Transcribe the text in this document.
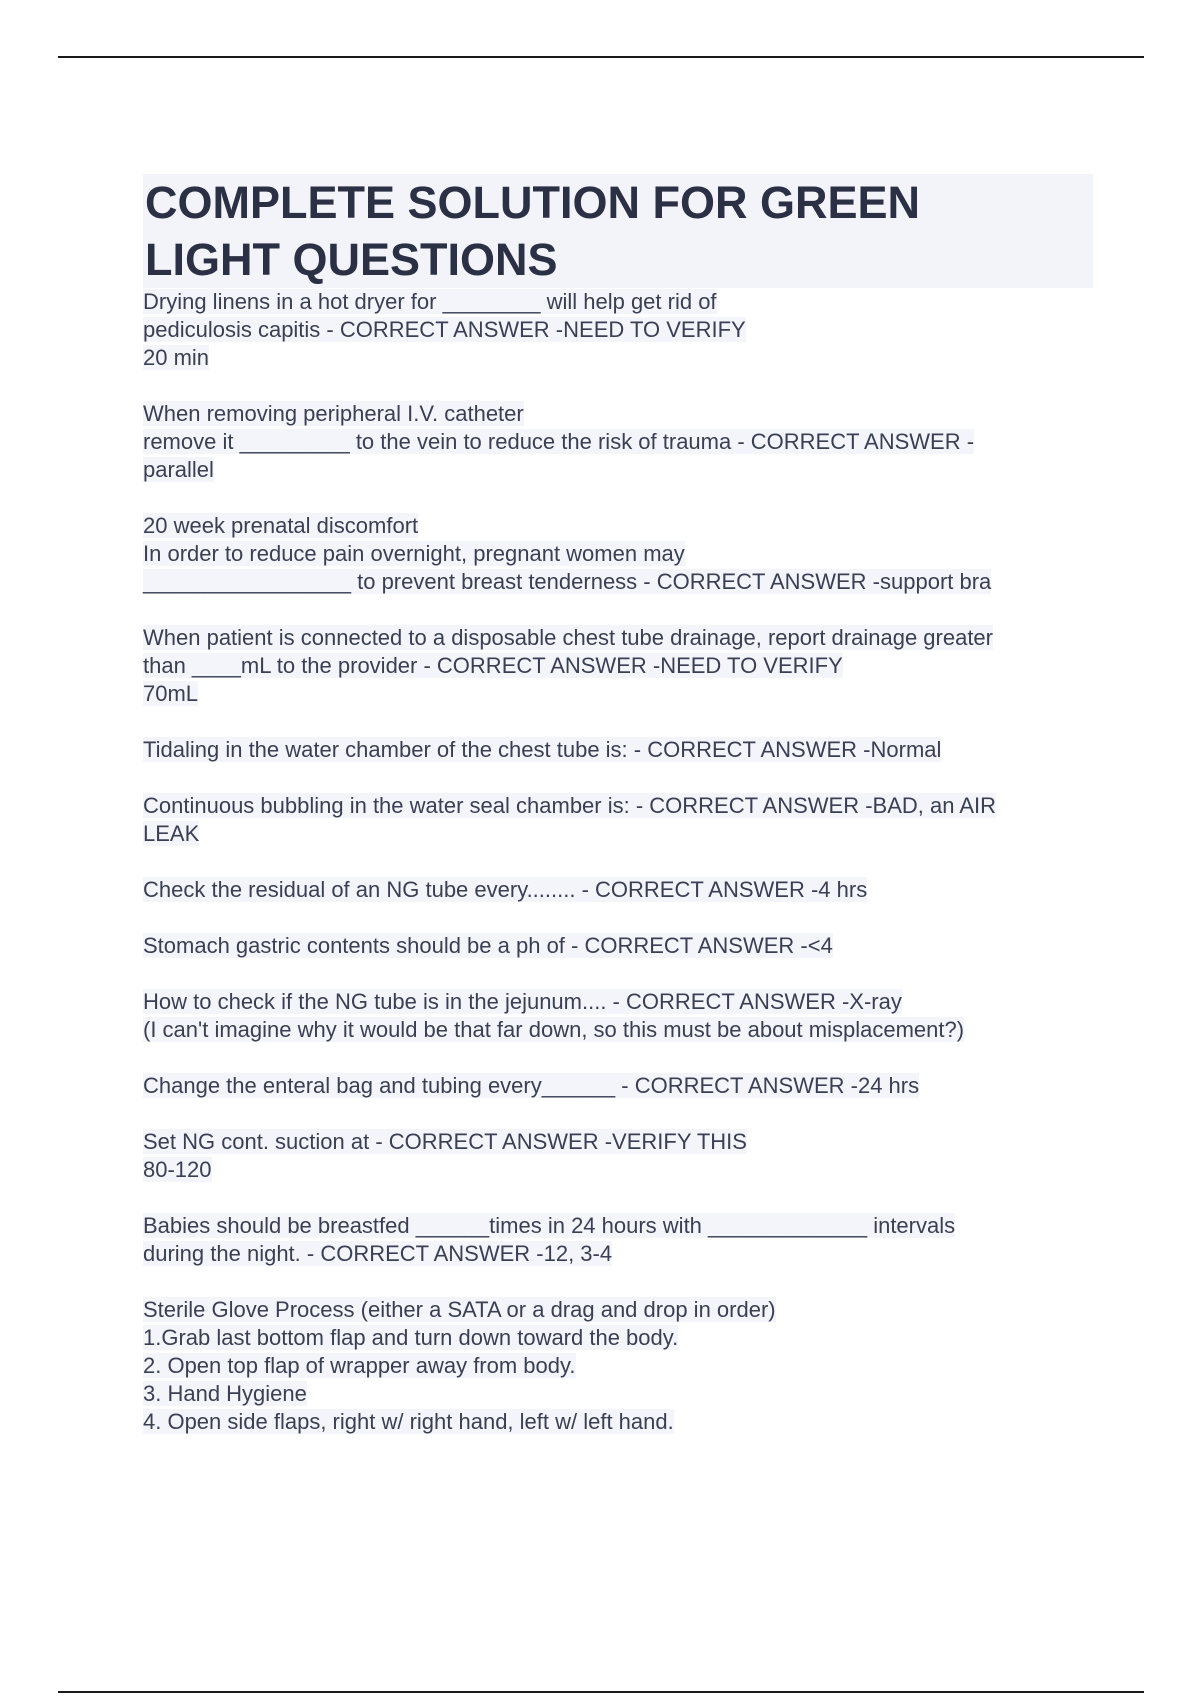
COMPLETE SOLUTION FOR GREEN
LIGHT QUESTIONS
Drying linens in a hot dryer for ________ will help get rid of
pediculosis capitis - CORRECT ANSWER -NEED TO VERIFY
20 min
When removing peripheral I.V. catheter
remove it _________ to the vein to reduce the risk of trauma - CORRECT ANSWER -
parallel
20 week prenatal discomfort
In order to reduce pain overnight, pregnant women may
_________________ to prevent breast tenderness - CORRECT ANSWER -support bra
When patient is connected to a disposable chest tube drainage, report drainage greater
than ____mL to the provider - CORRECT ANSWER -NEED TO VERIFY
70mL
Tidaling in the water chamber of the chest tube is: - CORRECT ANSWER -Normal
Continuous bubbling in the water seal chamber is: - CORRECT ANSWER -BAD, an AIR
LEAK
Check the residual of an NG tube every........ - CORRECT ANSWER -4 hrs
Stomach gastric contents should be a ph of - CORRECT ANSWER -<4
How to check if the NG tube is in the jejunum.... - CORRECT ANSWER -X-ray
(I can't imagine why it would be that far down, so this must be about misplacement?)
Change the enteral bag and tubing every______ - CORRECT ANSWER -24 hrs
Set NG cont. suction at - CORRECT ANSWER -VERIFY THIS
80-120
Babies should be breastfed ______times in 24 hours with _____________ intervals
during the night. - CORRECT ANSWER -12, 3-4
Sterile Glove Process (either a SATA or a drag and drop in order)
1.Grab last bottom flap and turn down toward the body.
2. Open top flap of wrapper away from body.
3. Hand Hygiene
4. Open side flaps, right w/ right hand, left w/ left hand.
